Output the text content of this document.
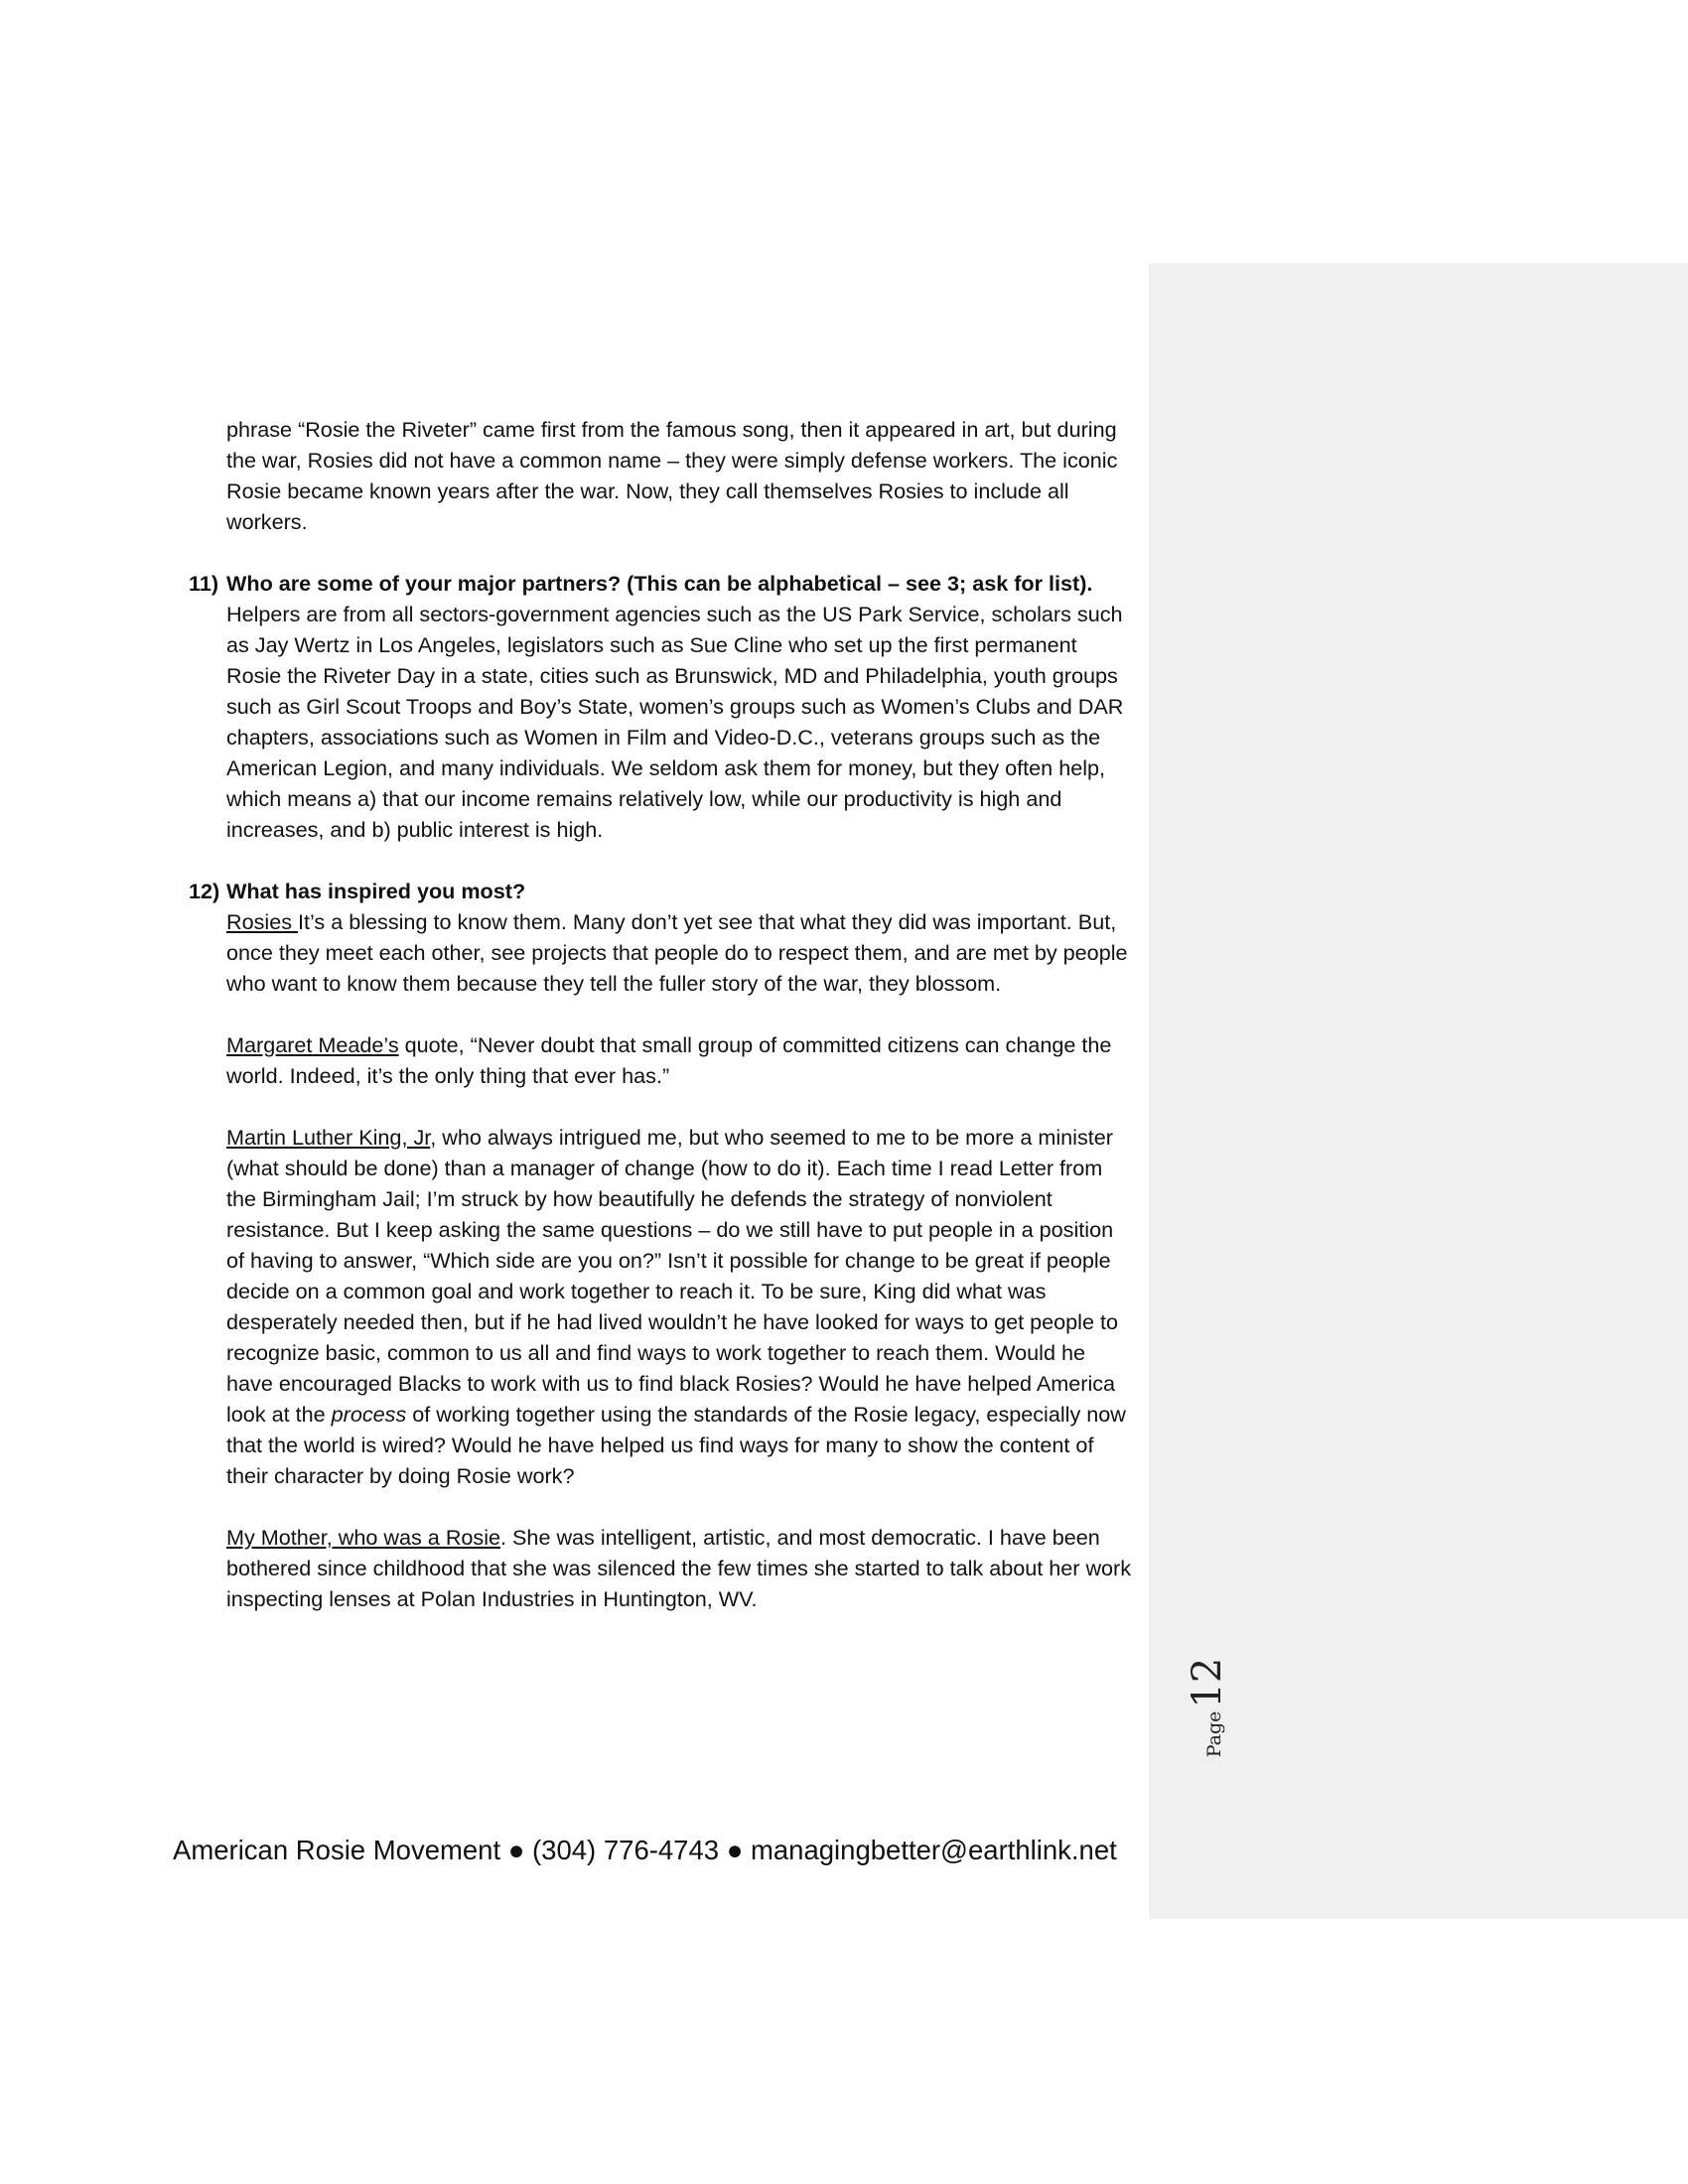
Page
12

phrase “Rosie the Riveter” came first from the famous song, then it appeared in art, but during the war, Rosies did not have a common name – they were simply defense workers. The iconic Rosie became known years after the war. Now, they call themselves Rosies to include all workers.

11) Who are some of your major partners? (This can be alphabetical – see 3; ask for list).

Helpers are from all sectors-government agencies such as the US Park Service, scholars such as Jay Wertz in Los Angeles, legislators such as Sue Cline who set up the first permanent Rosie the Riveter Day in a state, cities such as Brunswick, MD and Philadelphia, youth groups such as Girl Scout Troops and Boy’s State, women’s groups such as Women’s Clubs and DAR chapters, associations such as Women in Film and Video-D.C., veterans groups such as the American Legion, and many individuals. We seldom ask them for money, but they often help, which means a) that our income remains relatively low, while our productivity is high and increases, and b) public interest is high.

12) What has inspired you most?

Rosies It’s a blessing to know them. Many don’t yet see that what they did was important. But, once they meet each other, see projects that people do to respect them, and are met by people who want to know them because they tell the fuller story of the war, they blossom.

Margaret Meade’s quote, “Never doubt that small group of committed citizens can change the world. Indeed, it’s the only thing that ever has.”

Martin Luther King, Jr, who always intrigued me, but who seemed to me to be more a minister (what should be done) than a manager of change (how to do it). Each time I read Letter from the Birmingham Jail; I’m struck by how beautifully he defends the strategy of nonviolent resistance. But I keep asking the same questions – do we still have to put people in a position of having to answer, “Which side are you on?” Isn’t it possible for change to be great if people decide on a common goal and work together to reach it. To be sure, King did what was desperately needed then, but if he had lived wouldn’t he have looked for ways to get people to recognize basic, common to us all and find ways to work together to reach them. Would he have encouraged Blacks to work with us to find black Rosies? Would he have helped America look at the process of working together using the standards of the Rosie legacy, especially now that the world is wired? Would he have helped us find ways for many to show the content of their character by doing Rosie work?

My Mother, who was a Rosie. She was intelligent, artistic, and most democratic. I have been bothered since childhood that she was silenced the few times she started to talk about her work inspecting lenses at Polan Industries in Huntington, WV.

American Rosie Movement ● (304) 776-4743 ● managingbetter@earthlink.net
